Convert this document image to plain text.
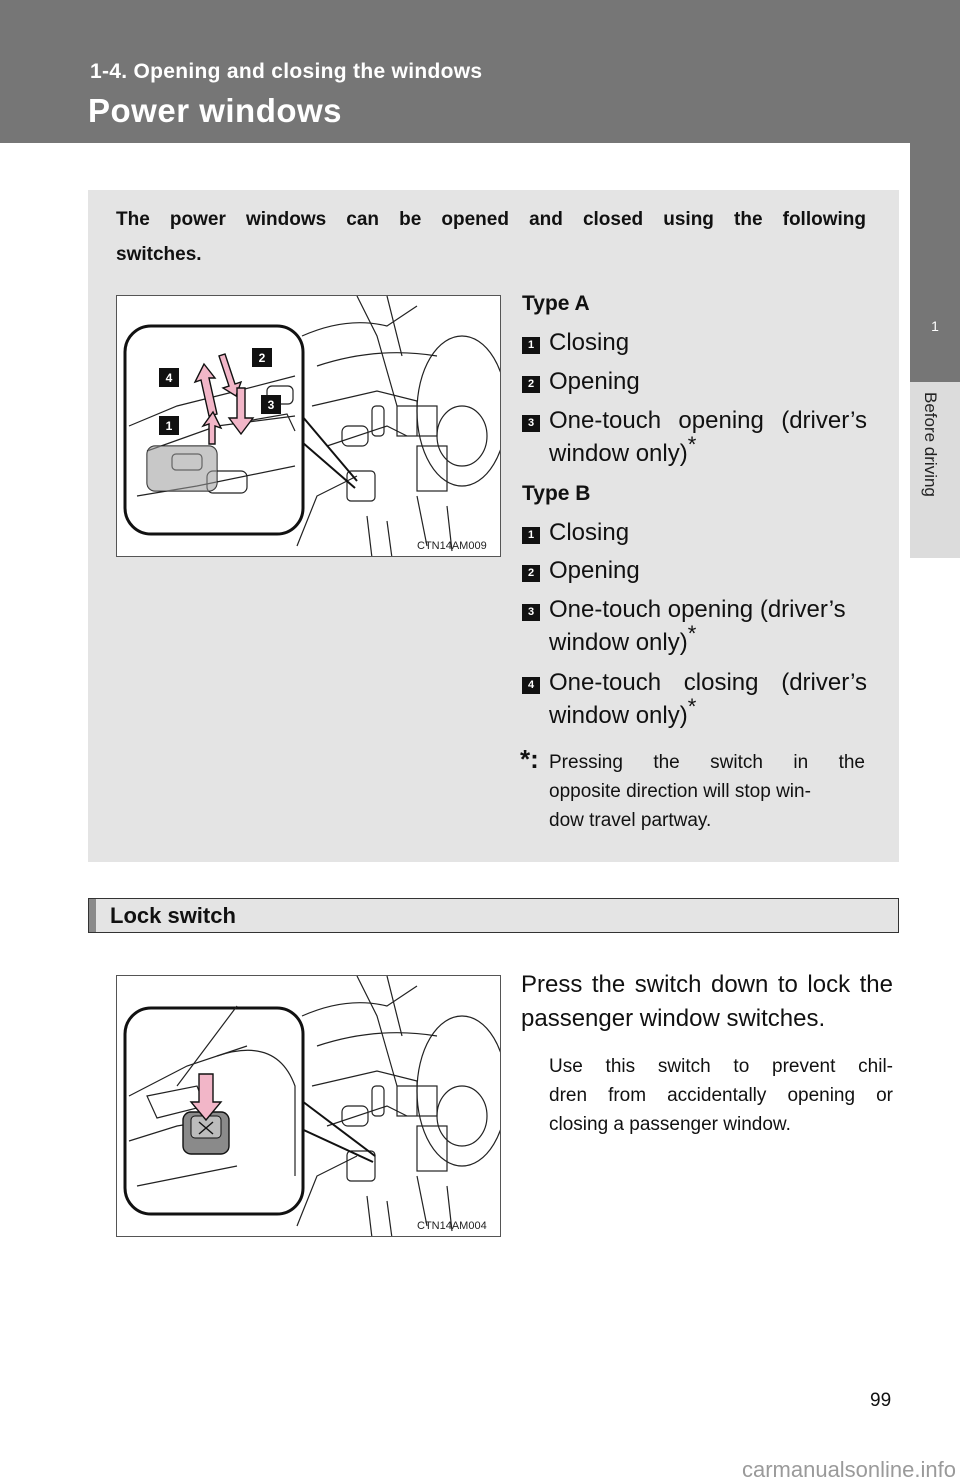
1-4. Opening and closing the windows
Power windows
1
Before driving
The power windows can be opened and closed using the following
switches.
4
2
3
1
CTN14AM009
Type A
1 Closing
2
3
Opening
One-touch opening (driver’s window only)*
Type B
1 Closing
2 Opening
3 One-touch opening (driver’s window only)*
4 One-touch closing (driver’s window only)*
*: Pressing the switch in the
opposite direction will stop win-
dow travel partway.
Lock switch
CTN14AM004
Press the switch down to lock the passenger window switches.
Use this switch to prevent chil-
dren from accidentally opening or
closing a passenger window.
99
carmanualsonline.info
